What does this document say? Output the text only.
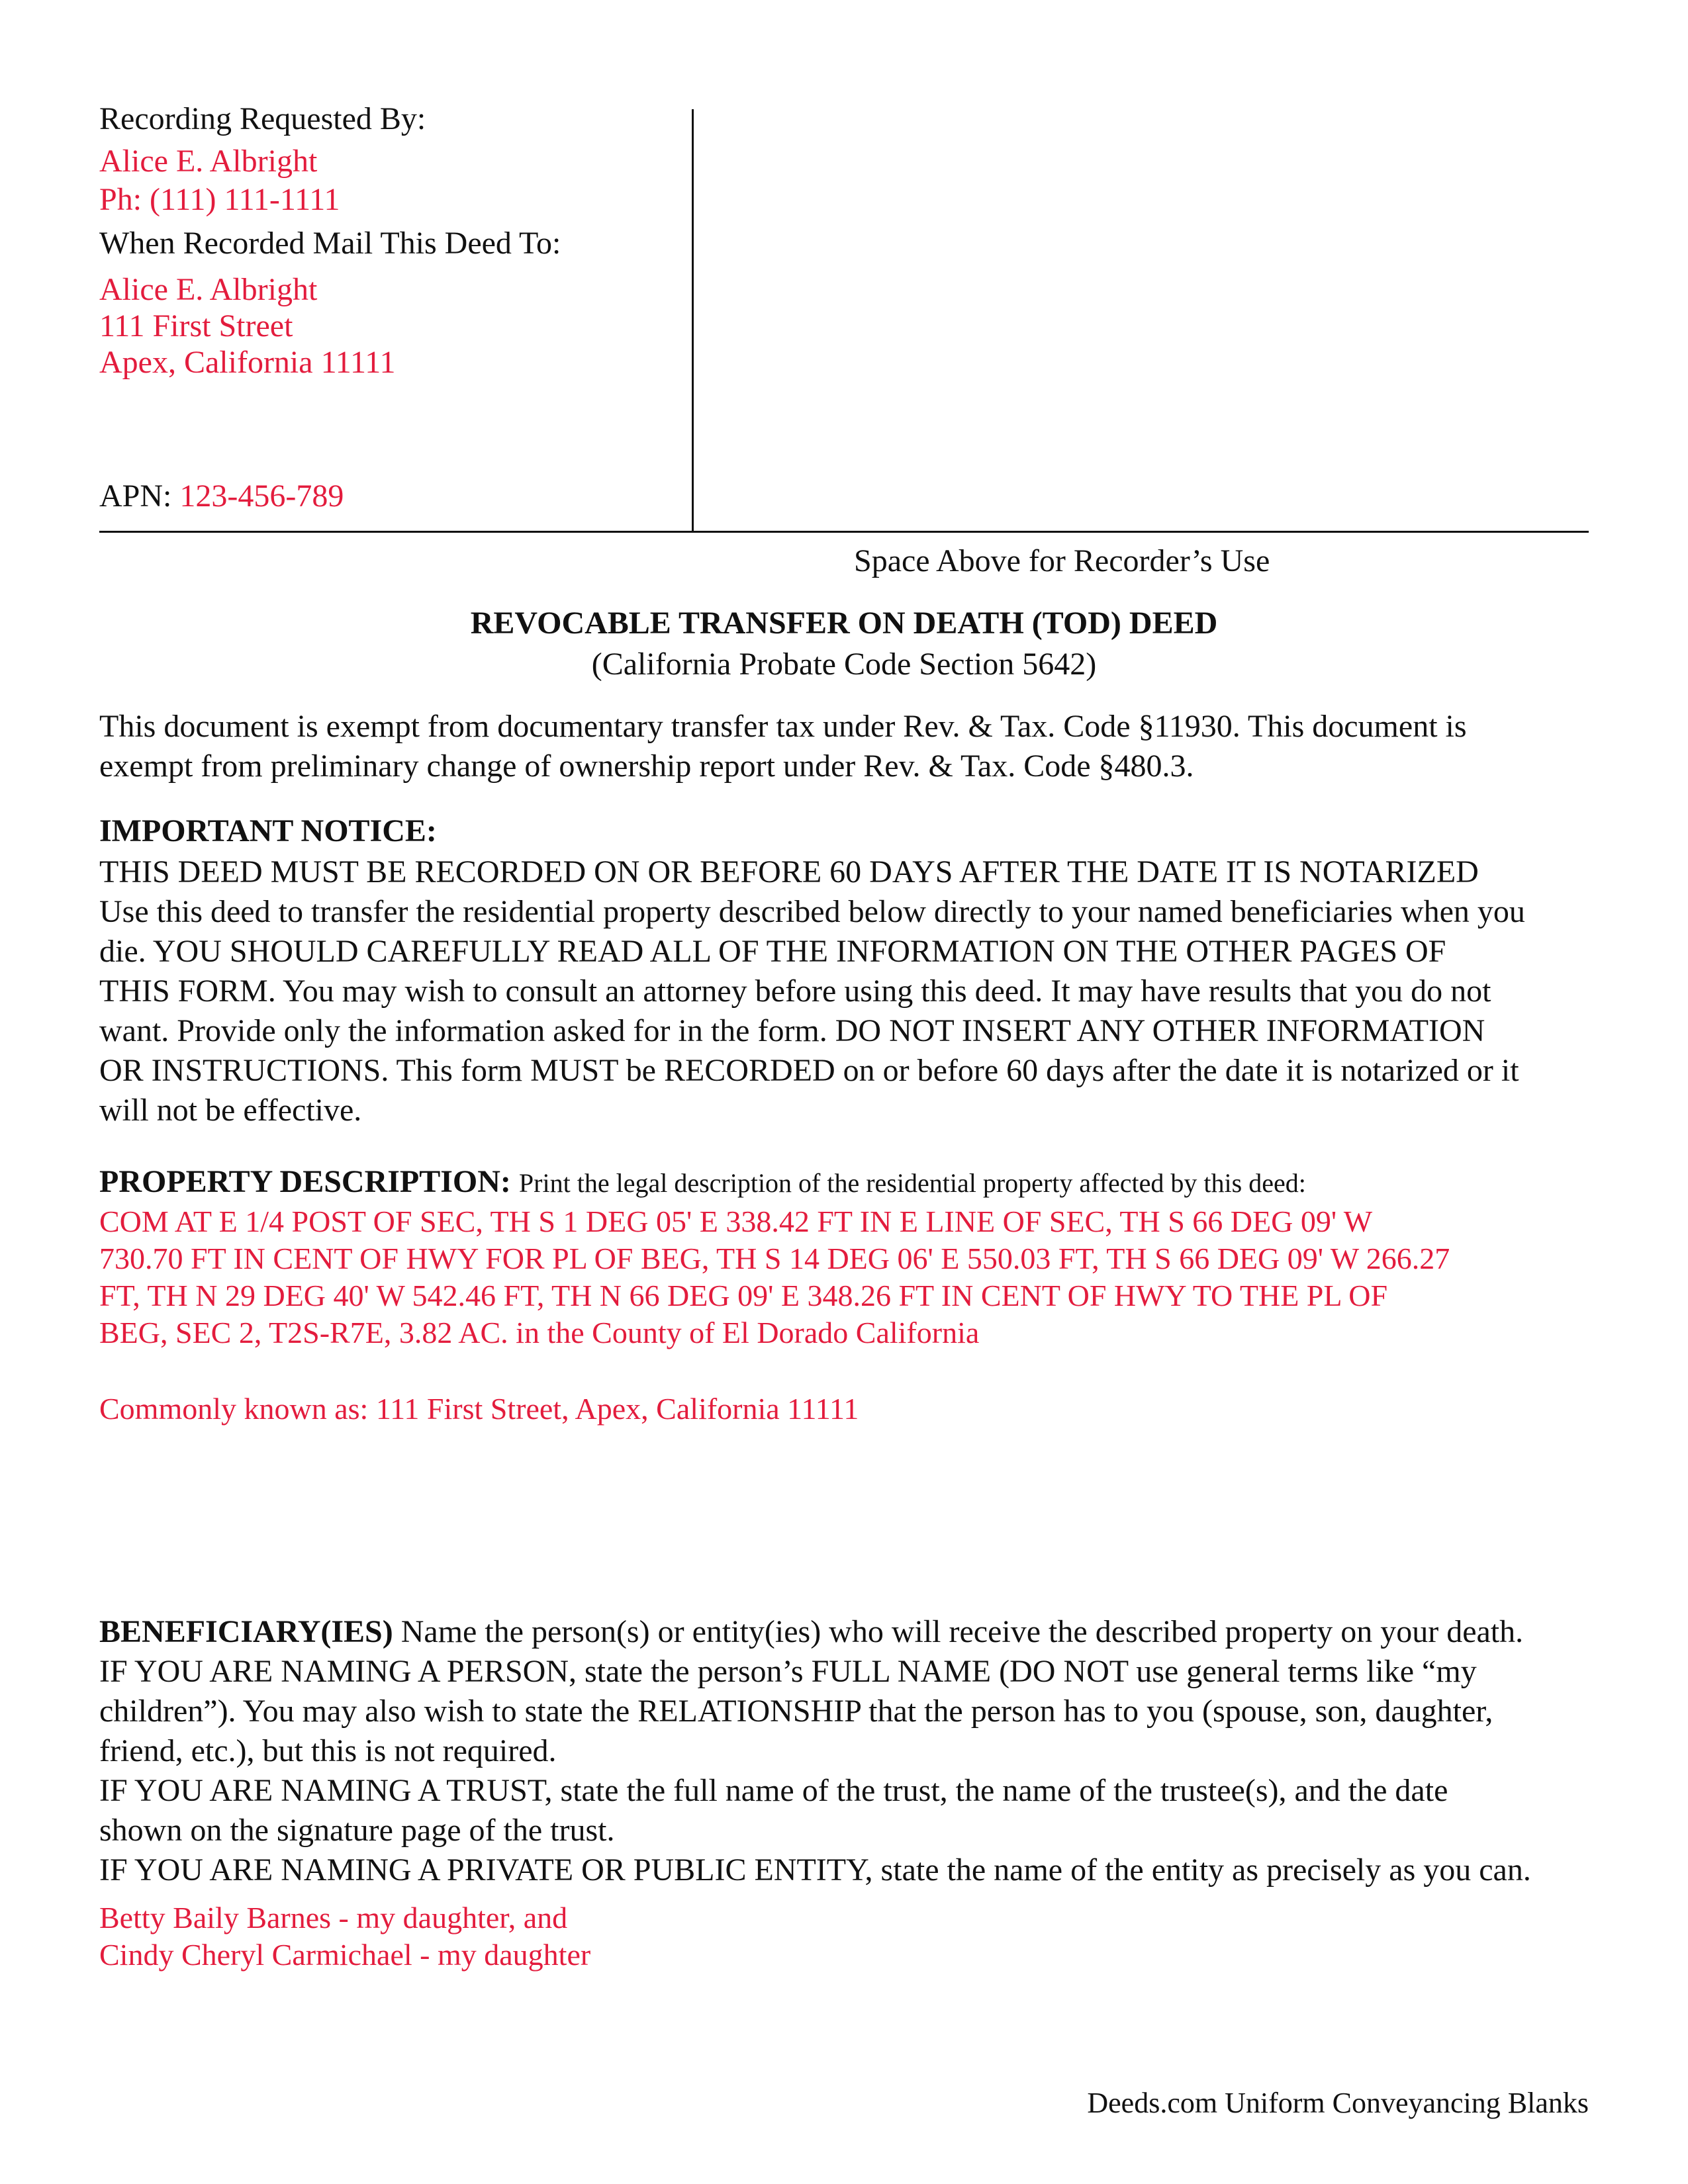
Recording Requested By:
Alice E. Albright
Ph: (111) 111-1111
When Recorded Mail This Deed To:
Alice E. Albright
111 First Street
Apex, California 11111
APN: 123-456-789
Space Above for Recorder’s Use
REVOCABLE TRANSFER ON DEATH (TOD) DEED
(California Probate Code Section 5642)
This document is exempt from documentary transfer tax under Rev. & Tax. Code §11930. This document is
exempt from preliminary change of ownership report under Rev. & Tax. Code §480.3.
IMPORTANT NOTICE:
THIS DEED MUST BE RECORDED ON OR BEFORE 60 DAYS AFTER THE DATE IT IS NOTARIZED
Use this deed to transfer the residential property described below directly to your named beneficiaries when you
die. YOU SHOULD CAREFULLY READ ALL OF THE INFORMATION ON THE OTHER PAGES OF
THIS FORM. You may wish to consult an attorney before using this deed. It may have results that you do not
want. Provide only the information asked for in the form. DO NOT INSERT ANY OTHER INFORMATION
OR INSTRUCTIONS. This form MUST be RECORDED on or before 60 days after the date it is notarized or it
will not be effective.
PROPERTY DESCRIPTION: Print the legal description of the residential property affected by this deed:
COM AT E 1/4 POST OF SEC, TH S 1 DEG 05' E 338.42 FT IN E LINE OF SEC, TH S 66 DEG 09' W
730.70 FT IN CENT OF HWY FOR PL OF BEG, TH S 14 DEG 06' E 550.03 FT, TH S 66 DEG 09' W 266.27
FT, TH N 29 DEG 40' W 542.46 FT, TH N 66 DEG 09' E 348.26 FT IN CENT OF HWY TO THE PL OF
BEG, SEC 2, T2S-R7E, 3.82 AC. in the County of El Dorado California
Commonly known as: 111 First Street, Apex, California 11111
BENEFICIARY(IES) Name the person(s) or entity(ies) who will receive the described property on your death.
IF YOU ARE NAMING A PERSON, state the person’s FULL NAME (DO NOT use general terms like “my
children”). You may also wish to state the RELATIONSHIP that the person has to you (spouse, son, daughter,
friend, etc.), but this is not required.
IF YOU ARE NAMING A TRUST, state the full name of the trust, the name of the trustee(s), and the date
shown on the signature page of the trust.
IF YOU ARE NAMING A PRIVATE OR PUBLIC ENTITY, state the name of the entity as precisely as you can.
Betty Baily Barnes - my daughter, and
Cindy Cheryl Carmichael - my daughter
Deeds.com Uniform Conveyancing Blanks
